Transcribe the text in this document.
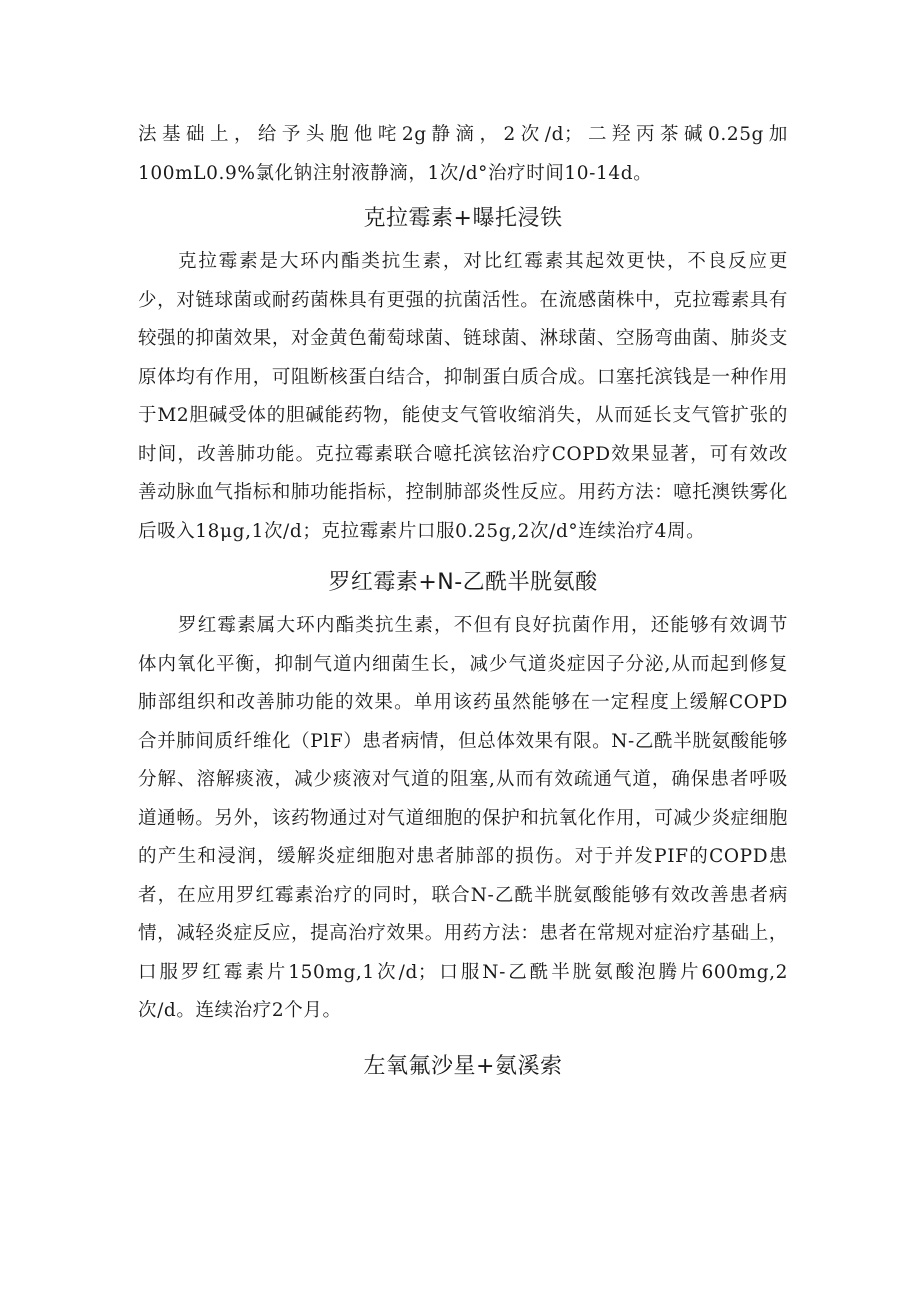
法基础上，给予头胞他咤2g静滴，2次/d；二羟丙茶碱0.25g加100mL0.9%氯化钠注射液静滴，1次/d°治疗时间10-14d。

克拉霉素+曝托浸铁

克拉霉素是大环内酯类抗生素，对比红霉素其起效更快，不良反应更少，对链球菌或耐药菌株具有更强的抗菌活性。在流感菌株中，克拉霉素具有较强的抑菌效果，对金黄色葡萄球菌、链球菌、淋球菌、空肠弯曲菌、肺炎支原体均有作用，可阻断核蛋白结合，抑制蛋白质合成。口塞托滨钱是一种作用于M2胆碱受体的胆碱能药物，能使支气管收缩消失，从而延长支气管扩张的时间，改善肺功能。克拉霉素联合噫托滨铉治疗COPD效果显著，可有效改善动脉血气指标和肺功能指标，控制肺部炎性反应。用药方法：噫托澳铁雾化后吸入18μg,1次/d；克拉霉素片口服0.25g,2次/d°连续治疗4周。

罗红霉素+N-乙酰半胱氨酸

罗红霉素属大环内酯类抗生素，不但有良好抗菌作用，还能够有效调节体内氧化平衡，抑制气道内细菌生长，减少气道炎症因子分泌,从而起到修复肺部组织和改善肺功能的效果。单用该药虽然能够在一定程度上缓解COPD合并肺间质纤维化（PlF）患者病情，但总体效果有限。N-乙酰半胱氨酸能够分解、溶解痰液，减少痰液对气道的阻塞,从而有效疏通气道，确保患者呼吸道通畅。另外，该药物通过对气道细胞的保护和抗氧化作用，可减少炎症细胞的产生和浸润，缓解炎症细胞对患者肺部的损伤。对于并发PIF的COPD患者，在应用罗红霉素治疗的同时，联合N-乙酰半胱氨酸能够有效改善患者病情，减轻炎症反应，提高治疗效果。用药方法：患者在常规对症治疗基础上，口服罗红霉素片150mg,1次/d；口服N-乙酰半胱氨酸泡腾片600mg,2次/d。连续治疗2个月。

左氧氟沙星+氨溪索
